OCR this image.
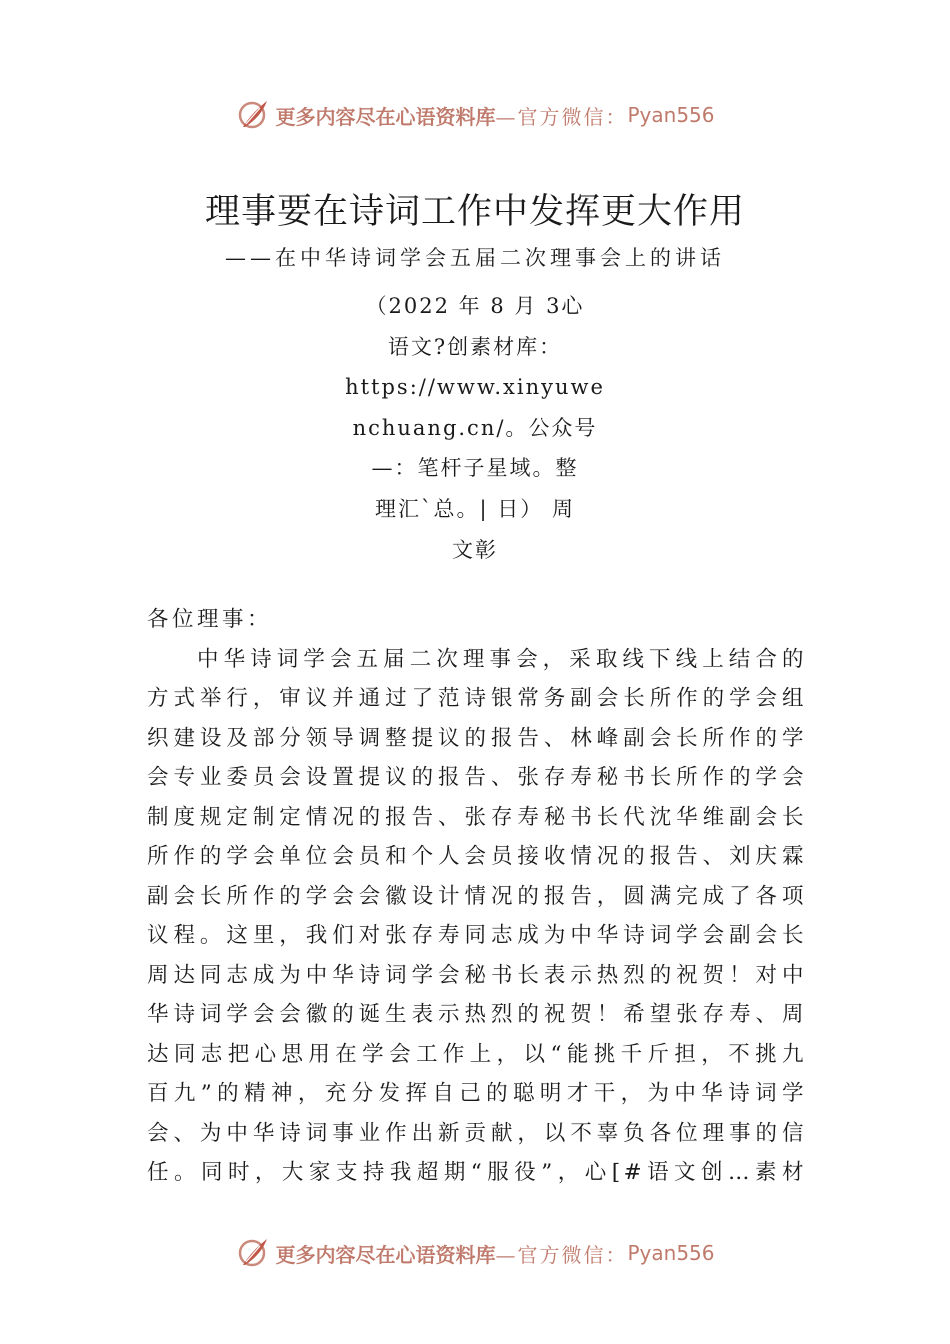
更多内容尽在心语资料库 —官方微信： Pyan556
理事要在诗词工作中发挥更大作用
——在中华诗词学会五届二次理事会上的讲话
（2022 年 8 月 3心
语文?创素材库：
https://www.xinyuwe
nchuang.cn/。公众号
—：笔杆子星域。整
理汇`总。| 日） 周
文彰
各位理事：
中华诗词学会五届二次理事会，采取线下线上结合的
方式举行，审议并通过了范诗银常务副会长所作的学会组
织建设及部分领导调整提议的报告、林峰副会长所作的学
会专业委员会设置提议的报告、张存寿秘书长所作的学会
制度规定制定情况的报告、张存寿秘书长代沈华维副会长
所作的学会单位会员和个人会员接收情况的报告、刘庆霖
副会长所作的学会会徽设计情况的报告，圆满完成了各项
议程。这里，我们对张存寿同志成为中华诗词学会副会长
周达同志成为中华诗词学会秘书长表示热烈的祝贺！对中
华诗词学会会徽的诞生表示热烈的祝贺！希望张存寿、周
达同志把心思用在学会工作上，以“能挑千斤担，不挑九
百九”的精神，充分发挥自己的聪明才干，为中华诗词学
会、为中华诗词事业作出新贡献，以不辜负各位理事的信
任。同时，大家支持我超期“服役”，心[#语文创…素材
更多内容尽在心语资料库 —官方微信： Pyan556
